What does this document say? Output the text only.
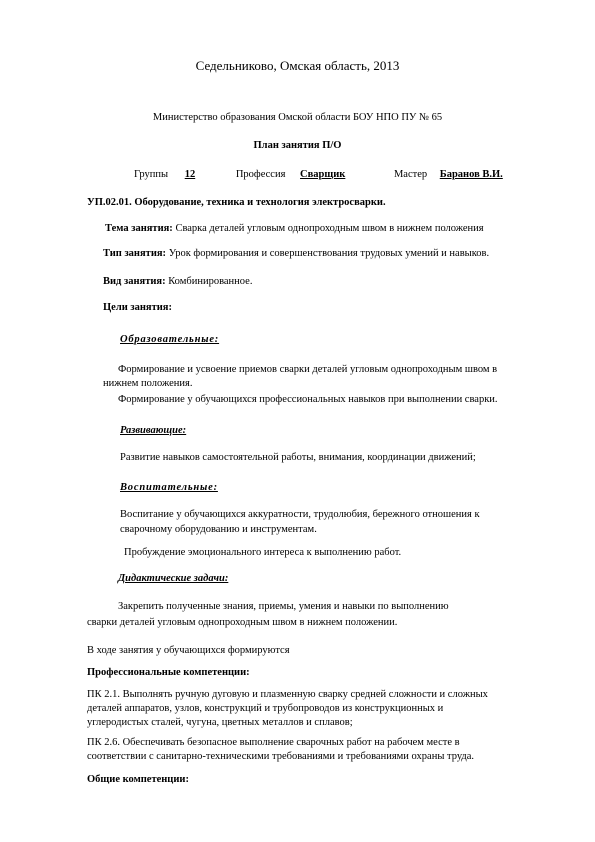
Седельниково, Омская область, 2013
Министерство образования Омской области БОУ НПО ПУ № 65
План занятия П/О
Группы 12	Профессия Сварщик	Мастер Баранов В.И.
УП.02.01. Оборудование, техника и технология электросварки.
Тема занятия: Сварка деталей угловым однопроходным швом в нижнем положения
Тип занятия: Урок формирования и совершенствования трудовых умений и навыков.
Вид занятия: Комбинированное.
Цели занятия:
Образовательные:
Формирование и усвоение приемов сварки деталей угловым однопроходным швом в
нижнем положения.
Формирование у обучающихся профессиональных навыков при выполнении сварки.
Развивающие:
Развитие навыков самостоятельной работы, внимания, координации движений;
Воспитательные:
Воспитание у обучающихся аккуратности, трудолюбия, бережного отношения к
сварочному оборудованию и инструментам.
Пробуждение эмоционального интереса к выполнению работ.
Дидактические задачи:
Закрепить полученные знания, приемы, умения и навыки по выполнению
сварки деталей угловым однопроходным швом в нижнем положении.
В ходе занятия у обучающихся формируются
Профессиональные компетенции:
ПК 2.1. Выполнять ручную дуговую и плазменную сварку средней сложности и сложных
деталей аппаратов, узлов, конструкций и трубопроводов из конструкционных и
углеродистых сталей, чугуна, цветных металлов и сплавов;
ПК 2.6. Обеспечивать безопасное выполнение сварочных работ на рабочем месте в
соответствии с санитарно-техническими требованиями и требованиями охраны труда.
Общие компетенции:
